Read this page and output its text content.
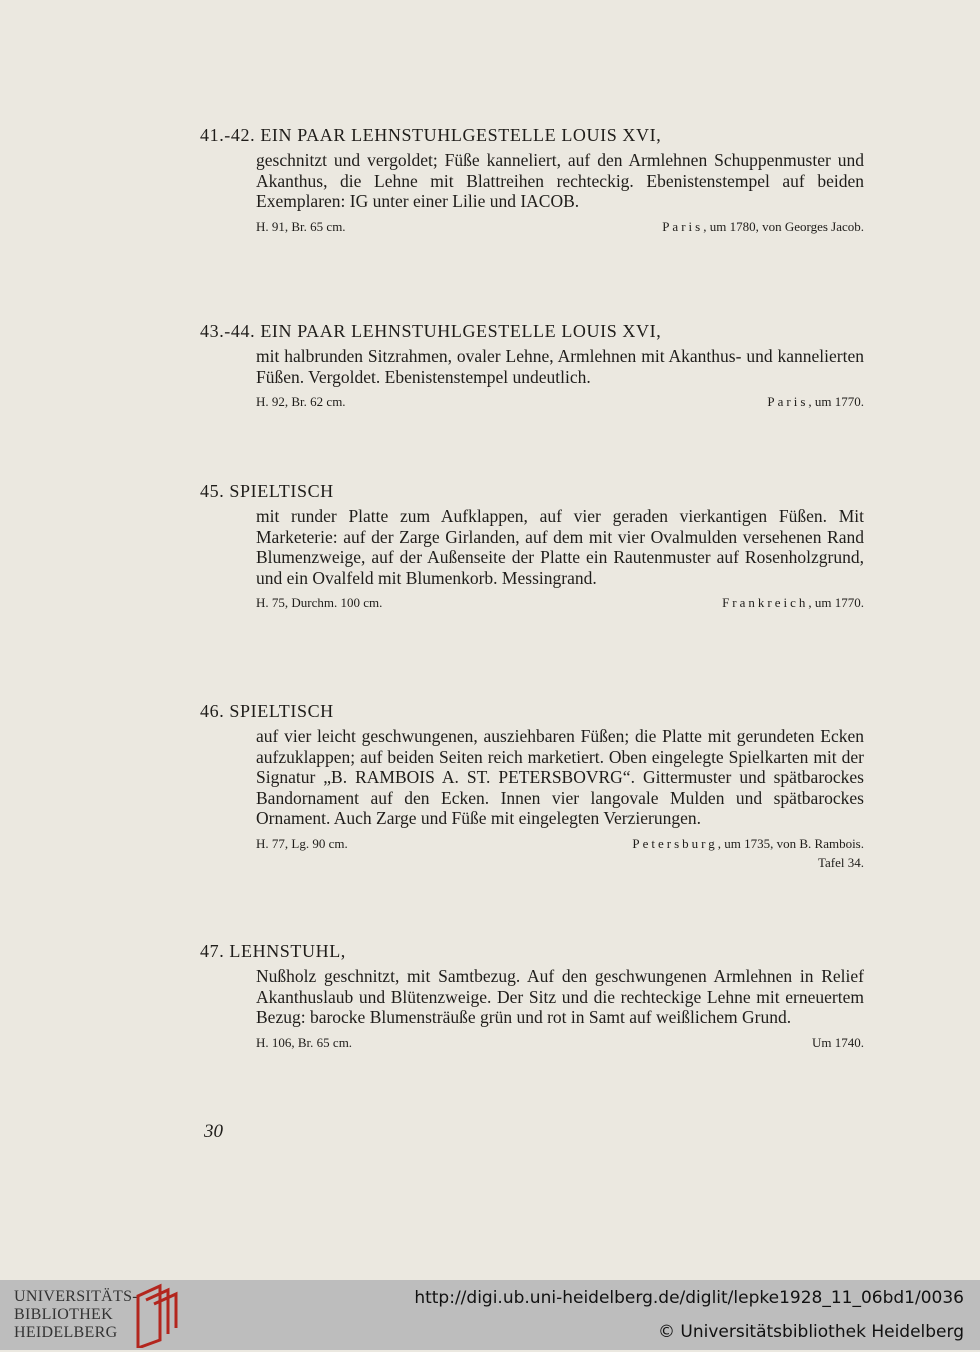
41.-42. EIN PAAR LEHNSTUHLGESTELLE LOUIS XVI,
geschnitzt und vergoldet; Füße kanneliert, auf den Armlehnen Schuppenmuster und Akanthus, die Lehne mit Blattreihen rechteckig. Ebenistenstempel auf beiden Exemplaren: IG unter einer Lilie und IACOB.
H. 91, Br. 65 cm.	Paris, um 1780, von Georges Jacob.
43.-44. EIN PAAR LEHNSTUHLGESTELLE LOUIS XVI,
mit halbrunden Sitzrahmen, ovaler Lehne, Armlehnen mit Akanthus- und kannelierten Füßen. Vergoldet. Ebenistenstempel undeutlich.
H. 92, Br. 62 cm.	Paris, um 1770.
45. SPIELTISCH
mit runder Platte zum Aufklappen, auf vier geraden vierkantigen Füßen. Mit Marketerie: auf der Zarge Girlanden, auf dem mit vier Ovalmulden versehenen Rand Blumenzweige, auf der Außenseite der Platte ein Rautenmuster auf Rosenholzgrund, und ein Ovalfeld mit Blumenkorb. Messingrand.
H. 75, Durchm. 100 cm.	Frankreich, um 1770.
46. SPIELTISCH
auf vier leicht geschwungenen, ausziehbaren Füßen; die Platte mit gerundeten Ecken aufzuklappen; auf beiden Seiten reich marketiert. Oben eingelegte Spielkarten mit der Signatur „B. RAMBOIS A. ST. PETERSBOVRG“. Gittermuster und spätbarockes Bandornament auf den Ecken. Innen vier langovale Mulden und spätbarockes Ornament. Auch Zarge und Füße mit eingelegten Verzierungen.
H. 77, Lg. 90 cm.	Petersburg, um 1735, von B. Rambois.
Tafel 34.
47. LEHNSTUHL,
Nußholz geschnitzt, mit Samtbezug. Auf den geschwungenen Armlehnen in Relief Akanthuslaub und Blütenzweige. Der Sitz und die rechteckige Lehne mit erneuertem Bezug: barocke Blumensträuße grün und rot in Samt auf weißlichem Grund.
H. 106, Br. 65 cm.	Um 1740.
30
UNIVERSITÄTS-
BIBLIOTHEK
HEIDELBERG
http://digi.ub.uni-heidelberg.de/diglit/lepke1928_11_06bd1/0036
© Universitätsbibliothek Heidelberg
